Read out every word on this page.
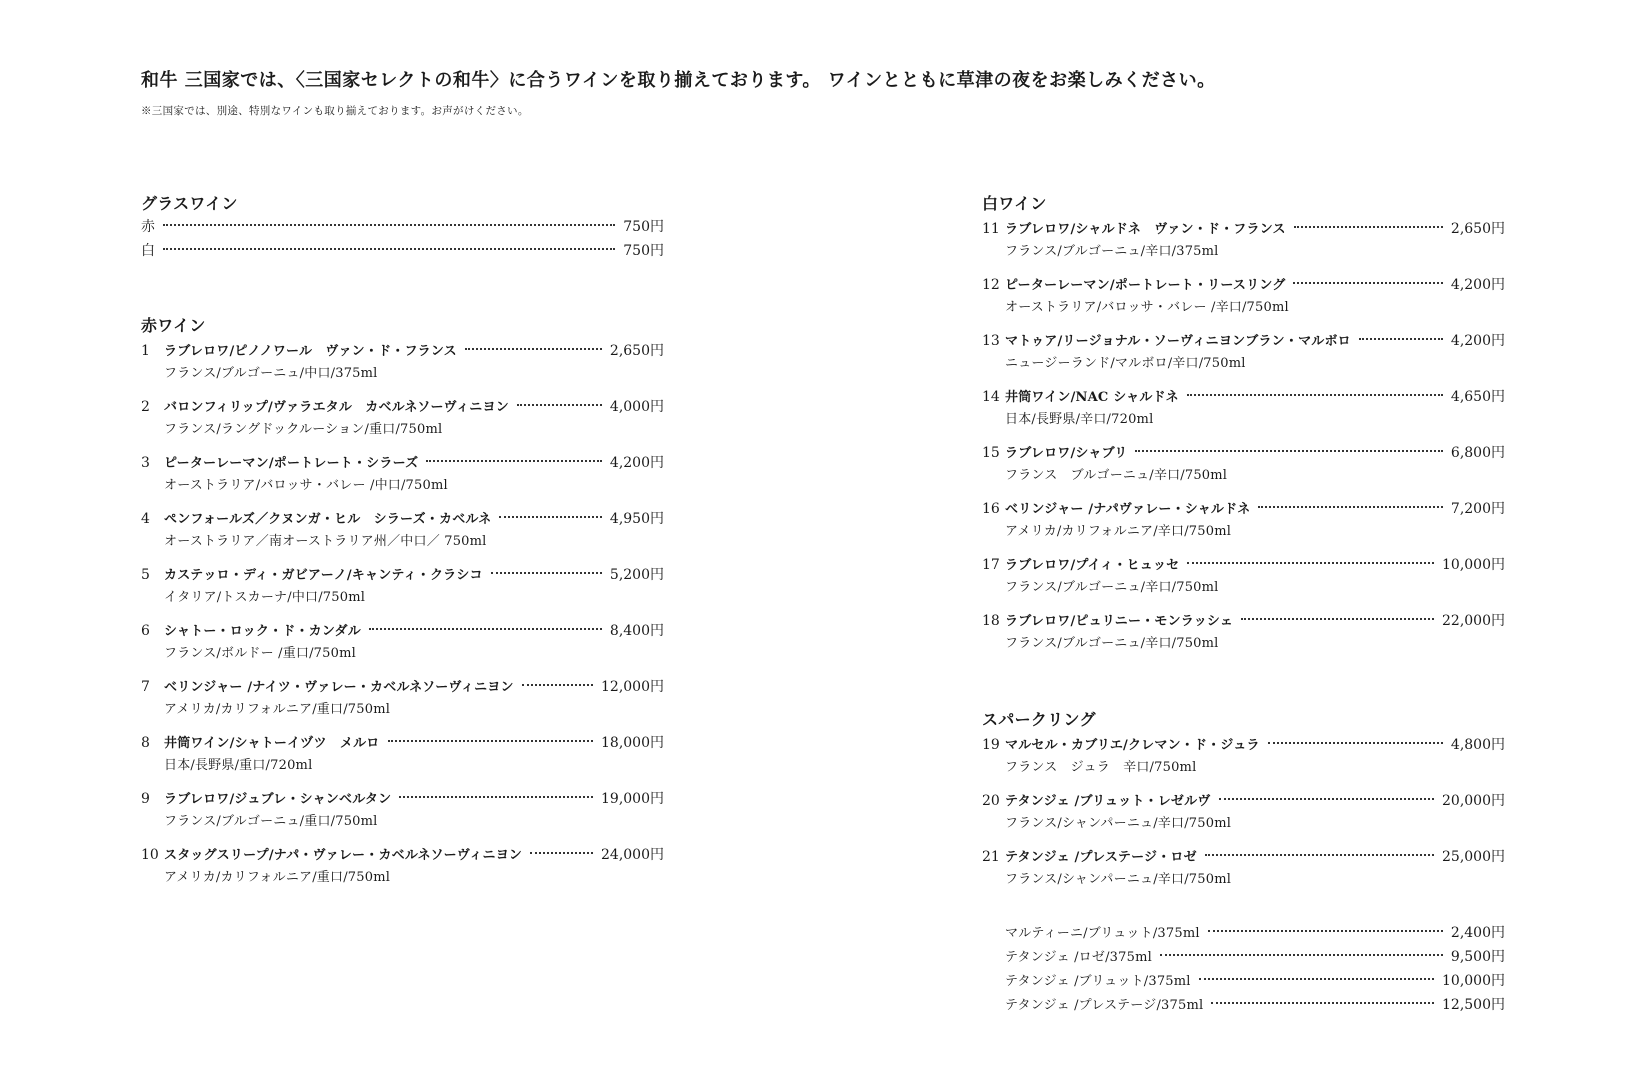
和牛 三国家では、〈三国家セレクトの和牛〉に合うワインを取り揃えております。 ワインとともに草津の夜をお楽しみください。
※三国家では、別途、特別なワインも取り揃えております。お声がけください。
グラスワイン
赤	750円
白	750円
赤ワイン
1	ラブレロワ/ピノノワール　ヴァン・ド・フランス	2,650円
フランス/ブルゴーニュ/中口/375ml
2	バロンフィリップ/ヴァラエタル　カベルネソーヴィニヨン	4,000円
フランス/ラングドックルーション/重口/750ml
3	ピーターレーマン/ポートレート・シラーズ	4,200円
オーストラリア/バロッサ・バレー /中口/750ml
4	ペンフォールズ／クヌンガ・ヒル　シラーズ・カベルネ	4,950円
オーストラリア／南オーストラリア州／中口／ 750ml
5	カステッロ・ディ・ガビアーノ/キャンティ・クラシコ	5,200円
イタリア/トスカーナ/中口/750ml
6	シャトー・ロック・ド・カンダル	8,400円
フランス/ボルドー /重口/750ml
7	ベリンジャー /ナイツ・ヴァレー・カベルネソーヴィニヨン	12,000円
アメリカ/カリフォルニア/重口/750ml
8	井筒ワイン/シャトーイヅツ　メルロ	18,000円
日本/長野県/重口/720ml
9	ラブレロワ/ジュブレ・シャンベルタン	19,000円
フランス/ブルゴーニュ/重口/750ml
10 スタッグスリープ/ナパ・ヴァレー・カベルネソーヴィニヨン	24,000円
アメリカ/カリフォルニア/重口/750ml
白ワイン
11 ラブレロワ/シャルドネ　ヴァン・ド・フランス	2,650円
フランス/ブルゴーニュ/辛口/375ml
12 ピーターレーマン/ポートレート・リースリング	4,200円
オーストラリア/バロッサ・バレー /辛口/750ml
13 マトゥア/リージョナル・ソーヴィニヨンブラン・マルボロ	4,200円
ニュージーランド/マルボロ/辛口/750ml
14 井筒ワイン/NAC シャルドネ	4,650円
日本/長野県/辛口/720ml
15 ラブレロワ/シャブリ	6,800円
フランス　ブルゴーニュ/辛口/750ml
16 ベリンジャー /ナパヴァレー・シャルドネ	7,200円
アメリカ/カリフォルニア/辛口/750ml
17 ラブレロワ/プイィ・ヒュッセ	10,000円
フランス/ブルゴーニュ/辛口/750ml
18 ラブレロワ/ピュリニー・モンラッシェ	22,000円
フランス/ブルゴーニュ/辛口/750ml
スパークリング
19 マルセル・カブリエ/クレマン・ド・ジュラ	4,800円
フランス　ジュラ　辛口/750ml
20 テタンジェ /ブリュット・レゼルヴ	20,000円
フランス/シャンパーニュ/辛口/750ml
21 テタンジェ /プレステージ・ロゼ	25,000円
フランス/シャンパーニュ/辛口/750ml
マルティーニ/ブリュット/375ml	2,400円
テタンジェ /ロゼ/375ml	9,500円
テタンジェ /ブリュット/375ml	10,000円
テタンジェ /プレステージ/375ml	12,500円
